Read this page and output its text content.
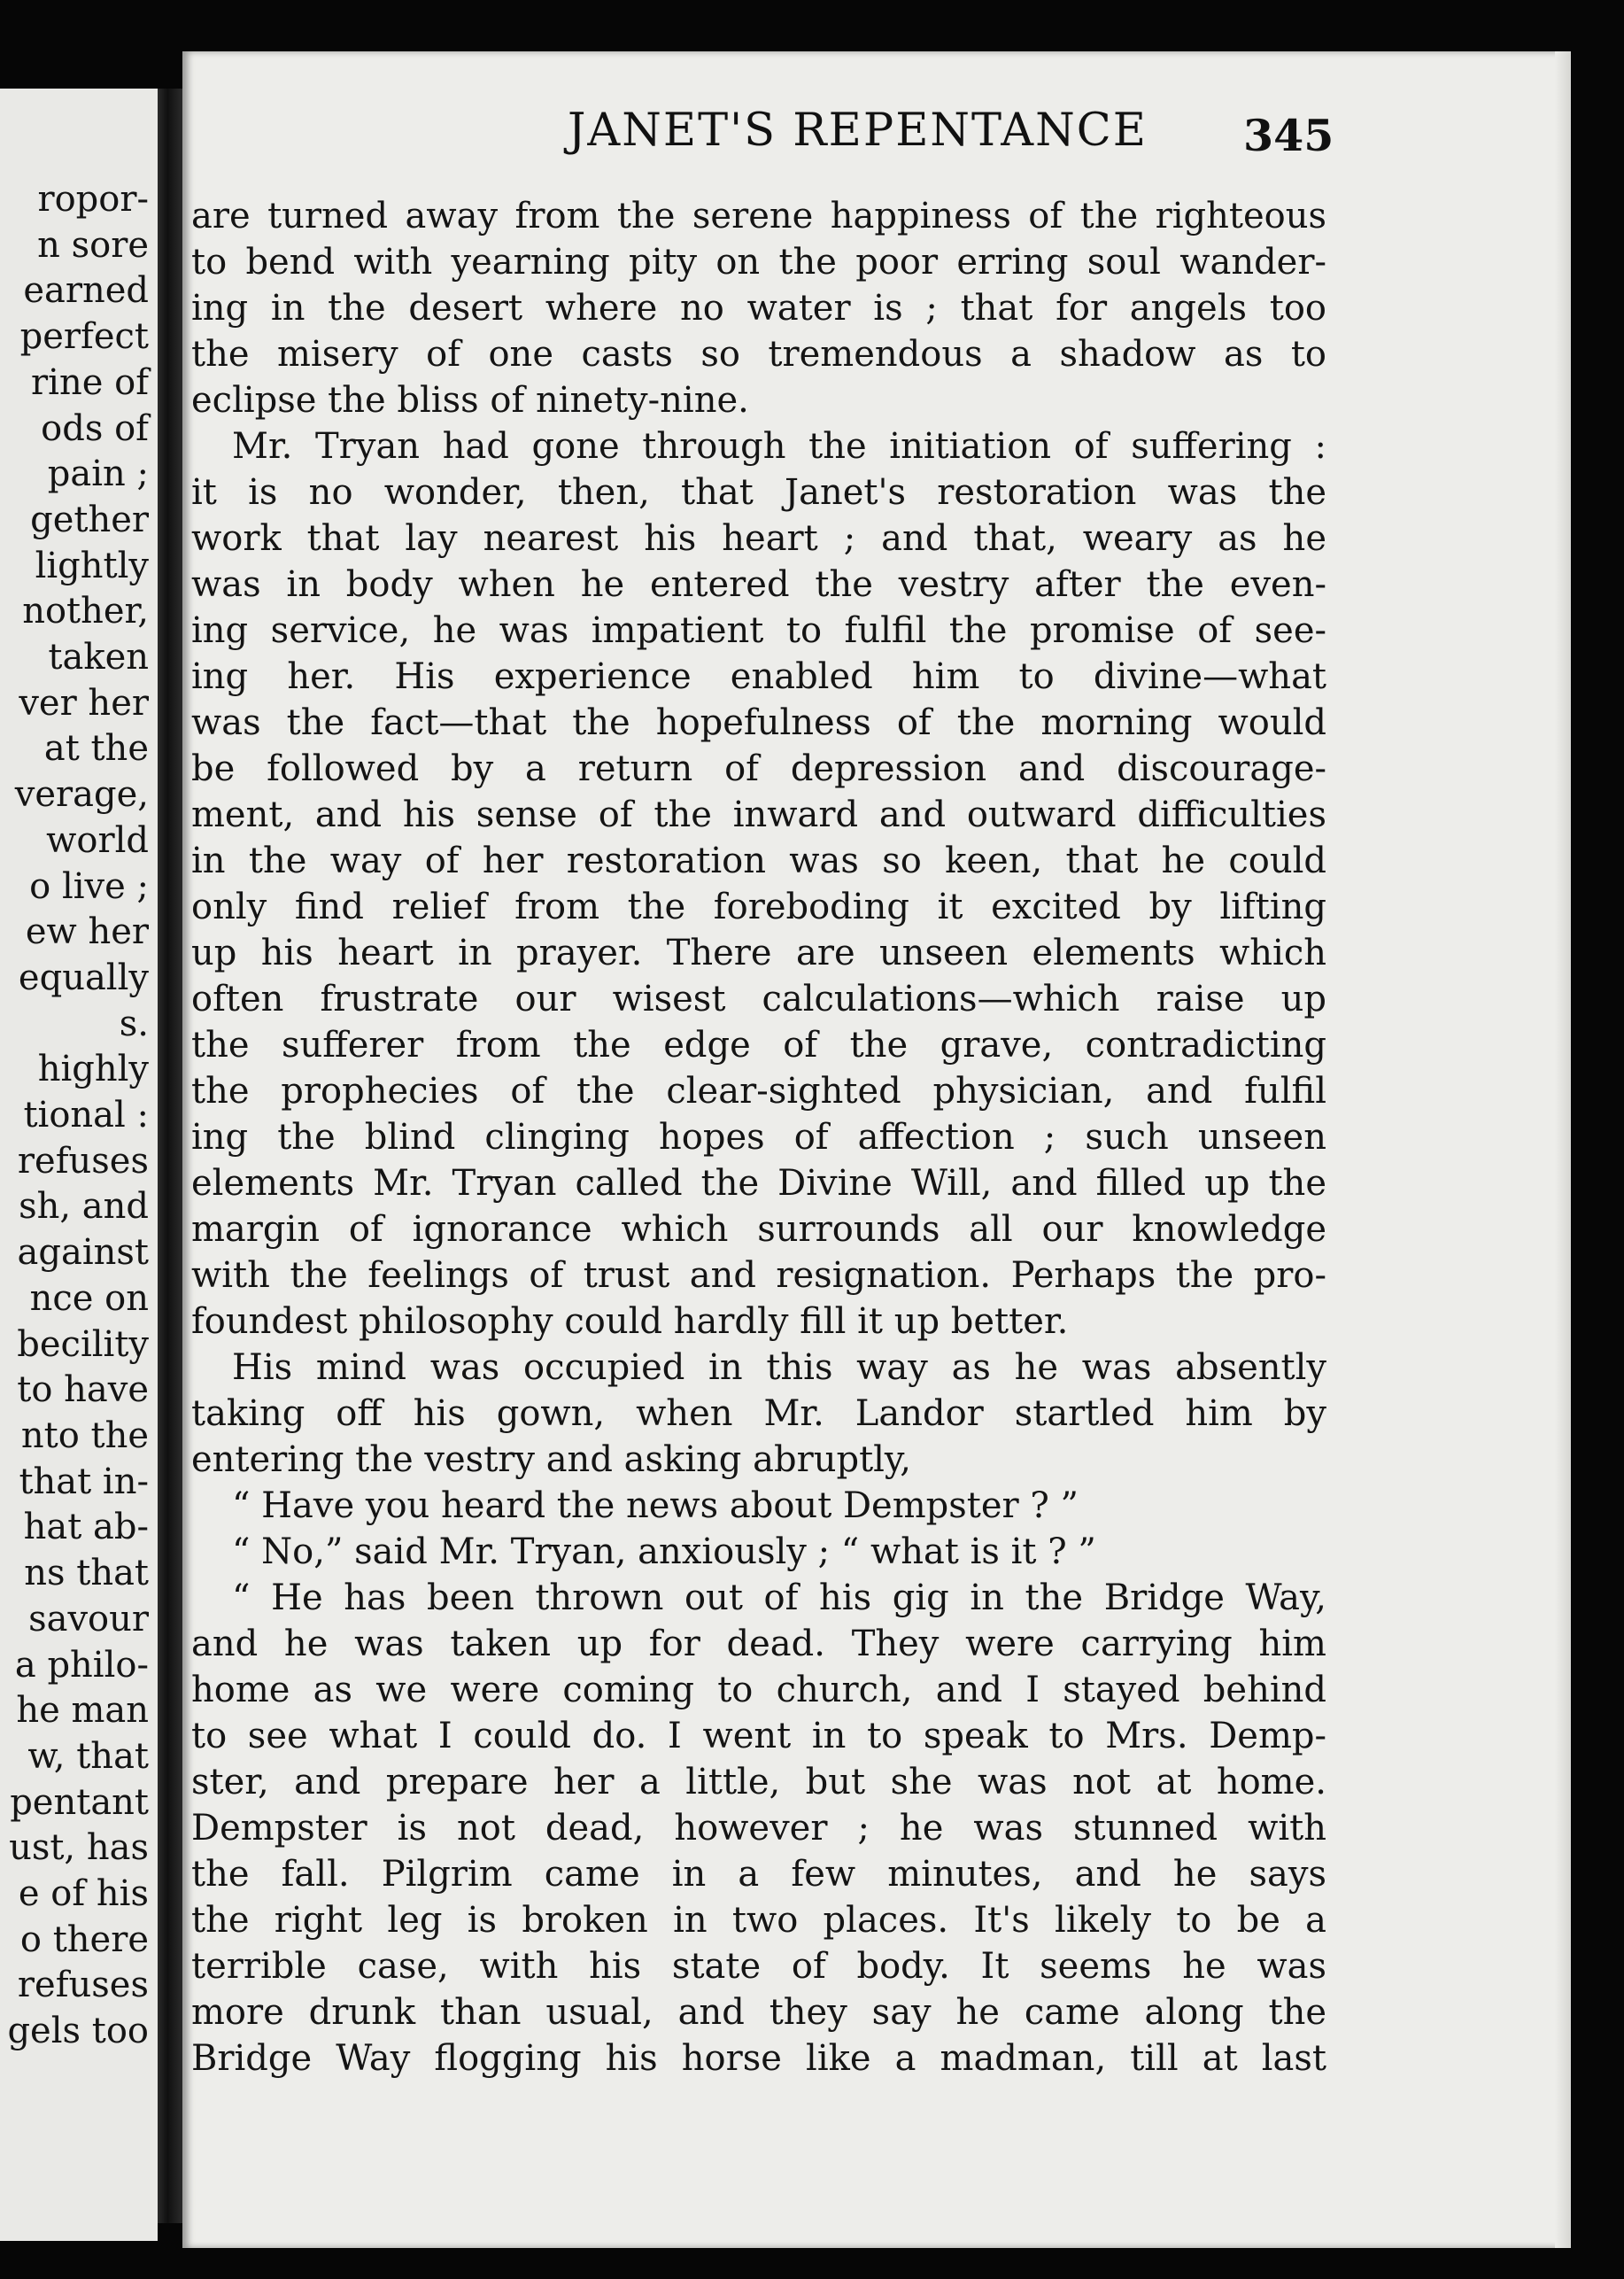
ropor-
n sore
earned
perfect
rine of
ods of
pain ;
gether
lightly
nother,
taken
ver her
at the
verage,
world
o live ;
ew her
equally
s.
highly
tional :
refuses
sh, and
against
nce on
becility
to have
nto the
that in-
hat ab-
ns that
savour
a philo-
he man
w, that
pentant
ust, has
e of his
o there
refuses
gels too
JANET'S REPENTANCE 345
are turned away from the serene happiness of the righteous
to bend with yearning pity on the poor erring soul wander-
ing in the desert where no water is ; that for angels too
the misery of one casts so tremendous a shadow as to
eclipse the bliss of ninety-nine.
Mr. Tryan had gone through the initiation of suffering :
it is no wonder, then, that Janet's restoration was the
work that lay nearest his heart ; and that, weary as he
was in body when he entered the vestry after the even-
ing service, he was impatient to fulfil the promise of see-
ing her. His experience enabled him to divine—what
was the fact—that the hopefulness of the morning would
be followed by a return of depression and discourage-
ment, and his sense of the inward and outward difficulties
in the way of her restoration was so keen, that he could
only find relief from the foreboding it excited by lifting
up his heart in prayer. There are unseen elements which
often frustrate our wisest calculations—which raise up
the sufferer from the edge of the grave, contradicting
the prophecies of the clear-sighted physician, and fulfil
ing the blind clinging hopes of affection ; such unseen
elements Mr. Tryan called the Divine Will, and filled up the
margin of ignorance which surrounds all our knowledge
with the feelings of trust and resignation. Perhaps the pro-
foundest philosophy could hardly fill it up better.
His mind was occupied in this way as he was absently
taking off his gown, when Mr. Landor startled him by
entering the vestry and asking abruptly,
“ Have you heard the news about Dempster ? ”
“ No,” said Mr. Tryan, anxiously ; “ what is it ? ”
“ He has been thrown out of his gig in the Bridge Way,
and he was taken up for dead. They were carrying him
home as we were coming to church, and I stayed behind
to see what I could do. I went in to speak to Mrs. Demp-
ster, and prepare her a little, but she was not at home.
Dempster is not dead, however ; he was stunned with
the fall. Pilgrim came in a few minutes, and he says
the right leg is broken in two places. It's likely to be a
terrible case, with his state of body. It seems he was
more drunk than usual, and they say he came along the
Bridge Way flogging his horse like a madman, till at last
